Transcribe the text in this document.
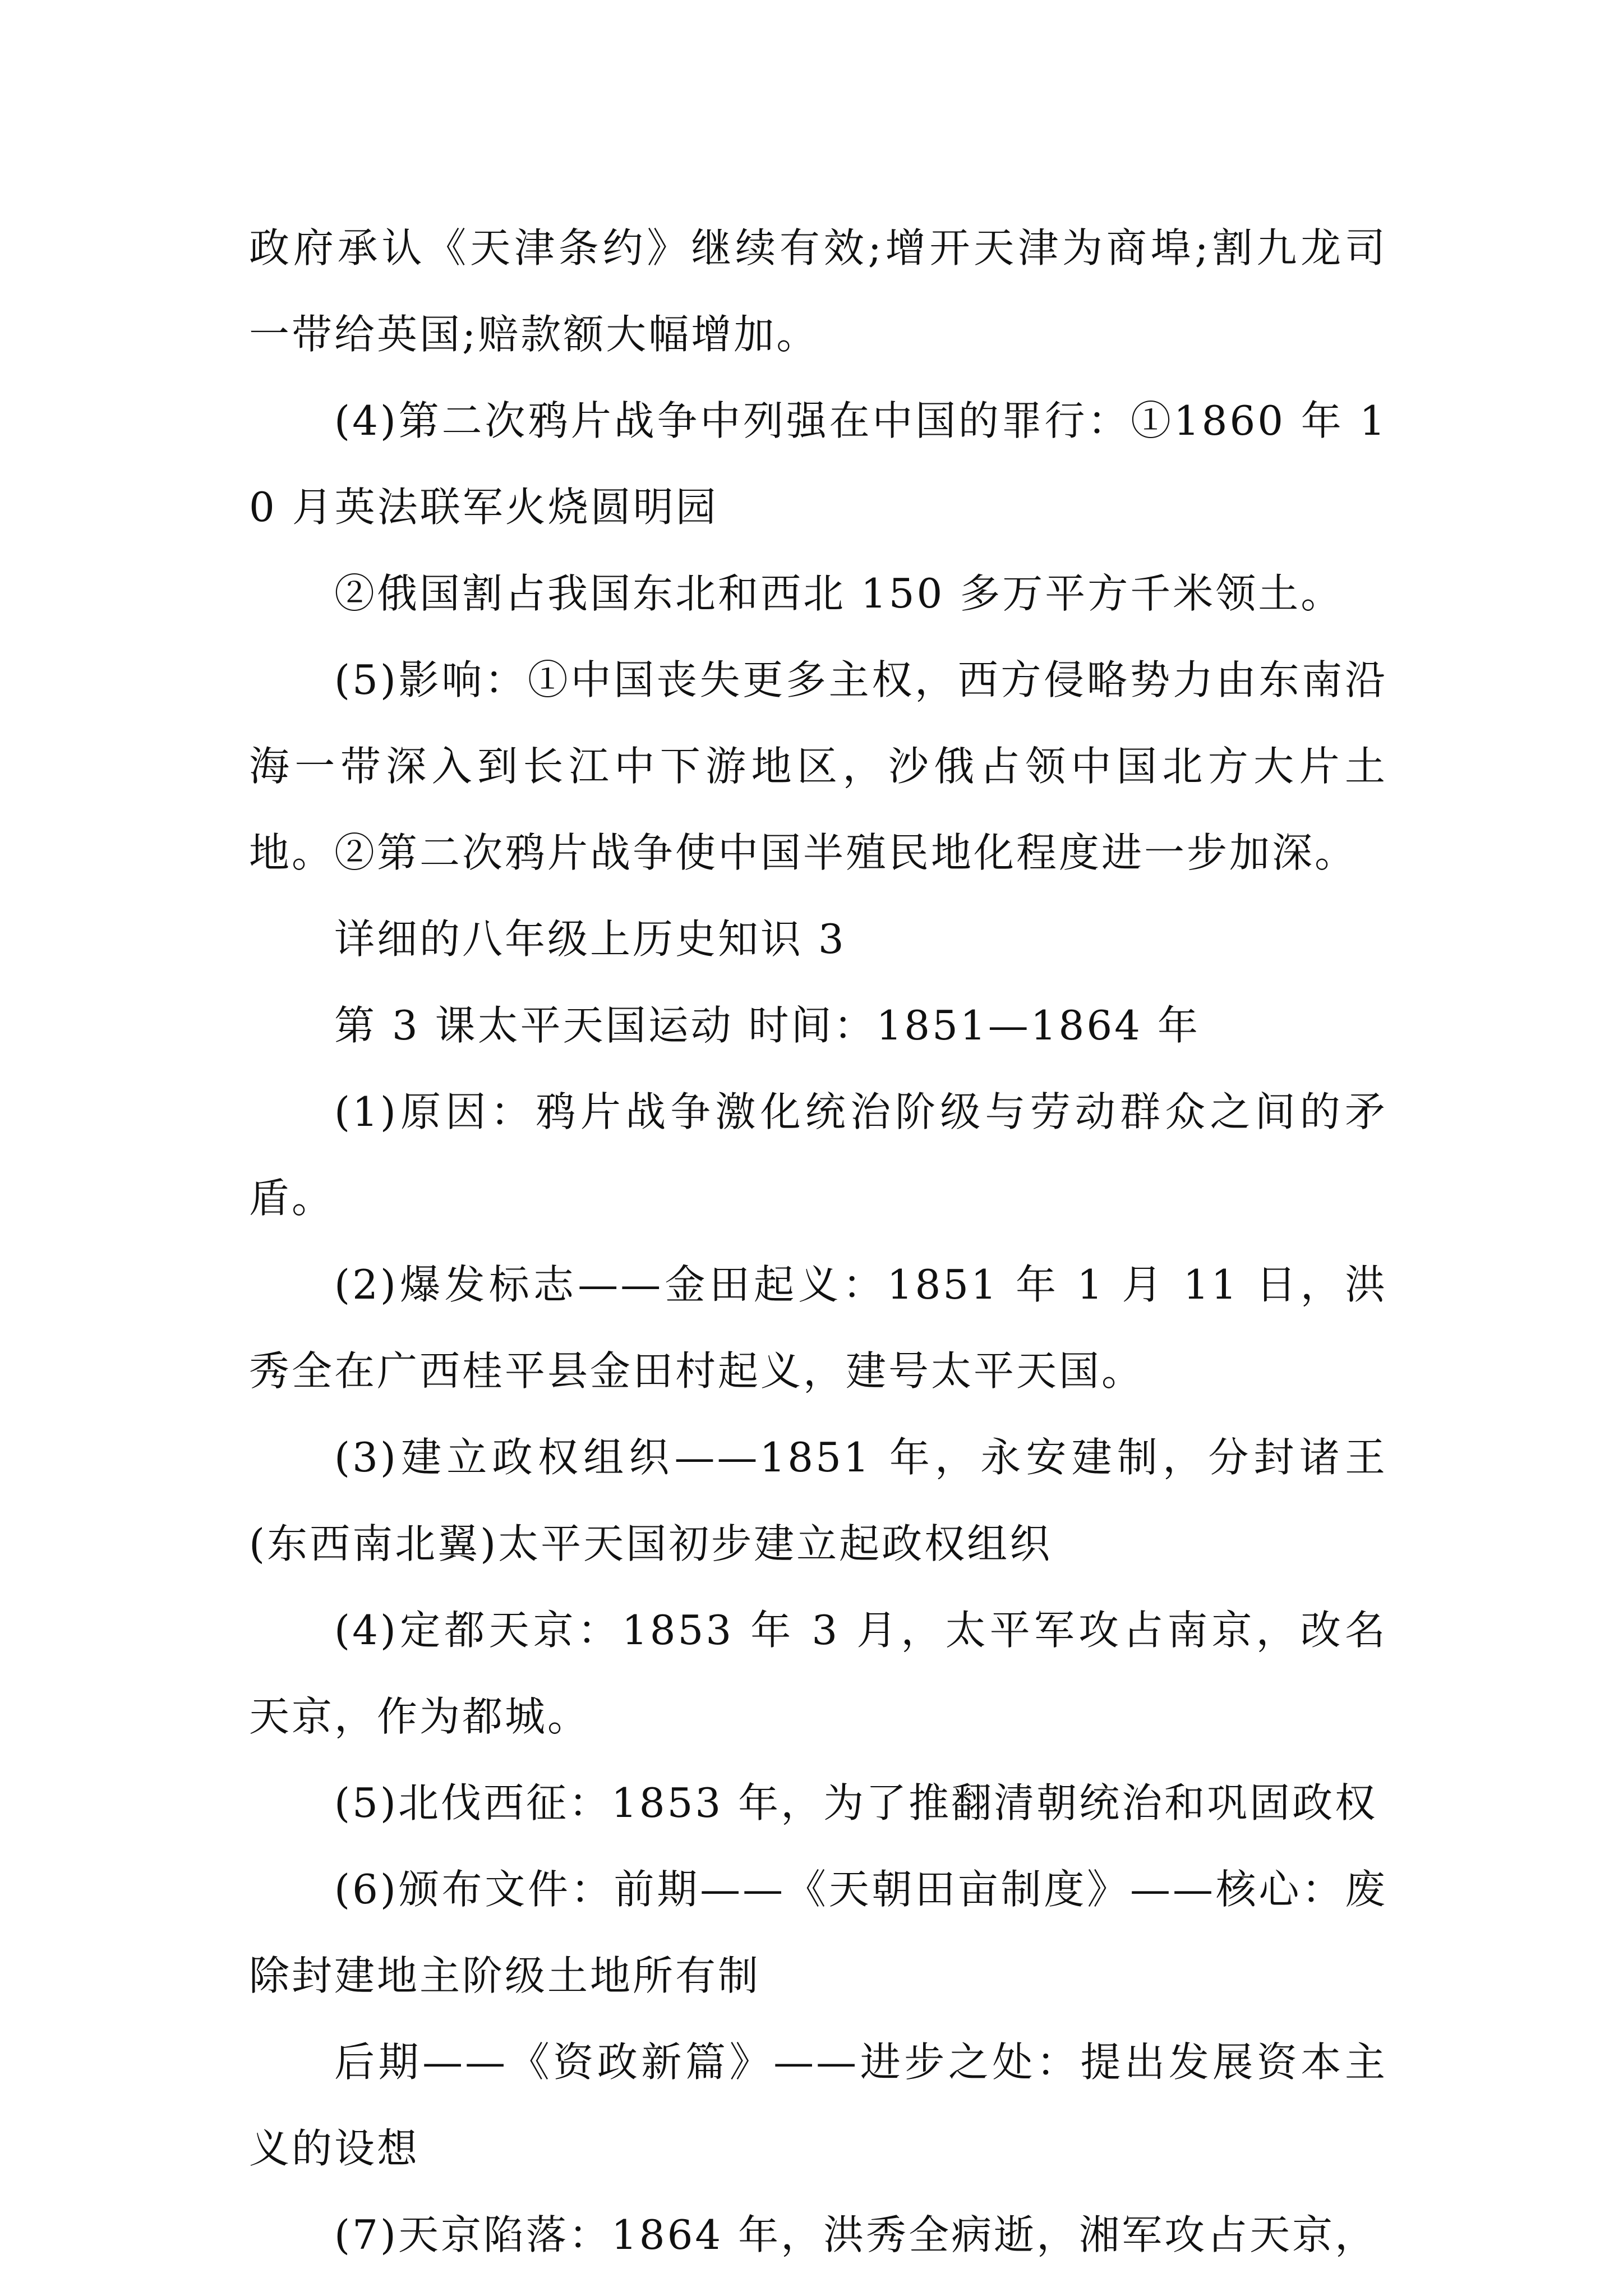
政府承认《天津条约》继续有效;增开天津为商埠;割九龙司一带给英国;赔款额大幅增加。

(4)第二次鸦片战争中列强在中国的罪行：①1860 年 10 月英法联军火烧圆明园

②俄国割占我国东北和西北 150 多万平方千米领土。

(5)影响：①中国丧失更多主权，西方侵略势力由东南沿海一带深入到长江中下游地区，沙俄占领中国北方大片土地。②第二次鸦片战争使中国半殖民地化程度进一步加深。

详细的八年级上历史知识 3

第 3 课太平天国运动 时间：1851—1864 年

(1)原因：鸦片战争激化统治阶级与劳动群众之间的矛盾。

(2)爆发标志——金田起义：1851 年 1 月 11 日，洪秀全在广西桂平县金田村起义，建号太平天国。

(3)建立政权组织——1851 年，永安建制，分封诸王(东西南北翼)太平天国初步建立起政权组织

(4)定都天京：1853 年 3 月，太平军攻占南京，改名天京，作为都城。

(5)北伐西征：1853 年，为了推翻清朝统治和巩固政权

(6)颁布文件：前期——《天朝田亩制度》——核心：废除封建地主阶级土地所有制

后期——《资政新篇》——进步之处：提出发展资本主义的设想

(7)天京陷落：1864 年，洪秀全病逝，湘军攻占天京，
